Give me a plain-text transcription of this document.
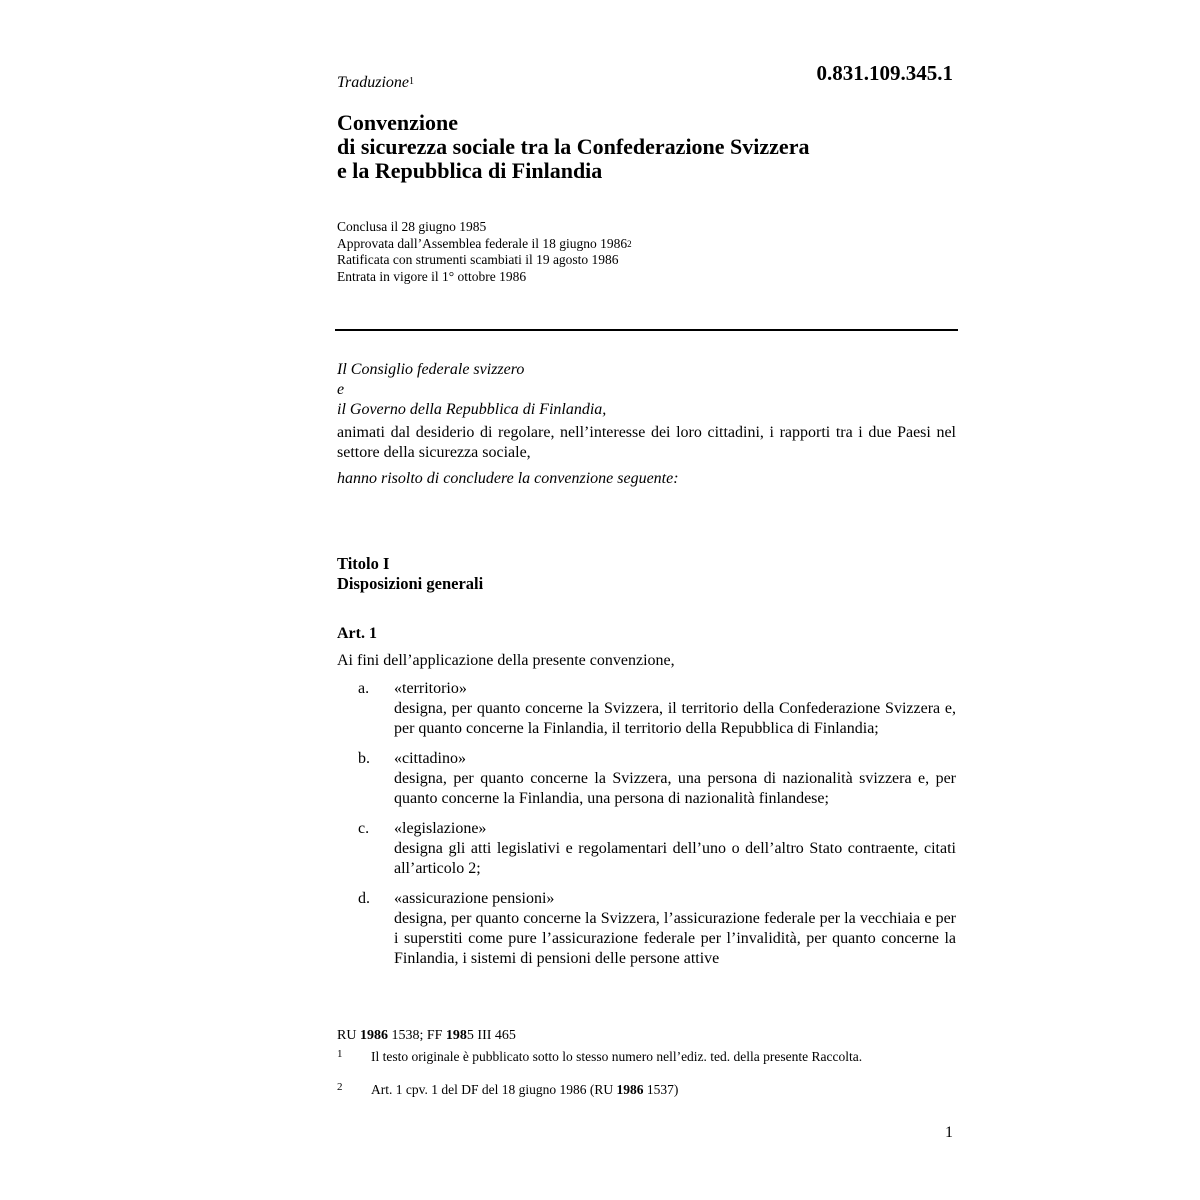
0.831.109.345.1
Traduzione$^1$
Convenzione
di sicurezza sociale tra la Confederazione Svizzera
e la Repubblica di Finlandia
Conclusa il 28 giugno 1985
Approvata dall’Assemblea federale il 18 giugno 1986$^2$
Ratificata con strumenti scambiati il 19 agosto 1986
Entrata in vigore il 1° ottobre 1986
Il Consiglio federale svizzero
e
il Governo della Repubblica di Finlandia,
animati dal desiderio di regolare, nell’interesse dei loro cittadini, i rapporti tra i due Paesi nel settore della sicurezza sociale,
hanno risolto di concludere la convenzione seguente:
Titolo I
Disposizioni generali
Art. 1
Ai fini dell’applicazione della presente convenzione,
a. «territorio»
designa, per quanto concerne la Svizzera, il territorio della Confederazione Svizzera e, per quanto concerne la Finlandia, il territorio della Repubblica di Finlandia;
b. «cittadino»
designa, per quanto concerne la Svizzera, una persona di nazionalità svizzera e, per quanto concerne la Finlandia, una persona di nazionalità finlandese;
c. «legislazione»
designa gli atti legislativi e regolamentari dell’uno o dell’altro Stato contraente, citati all’articolo 2;
d. «assicurazione pensioni»
designa, per quanto concerne la Svizzera, l’assicurazione federale per la vecchiaia e per i superstiti come pure l’assicurazione federale per l’invalidità, per quanto concerne la Finlandia, i sistemi di pensioni delle persone attive
RU 1986 1538; FF 1985 III 465
1 Il testo originale è pubblicato sotto lo stesso numero nell’ediz. ted. della presente Raccolta.
2 Art. 1 cpv. 1 del DF del 18 giugno 1986 (RU 1986 1537)
1
